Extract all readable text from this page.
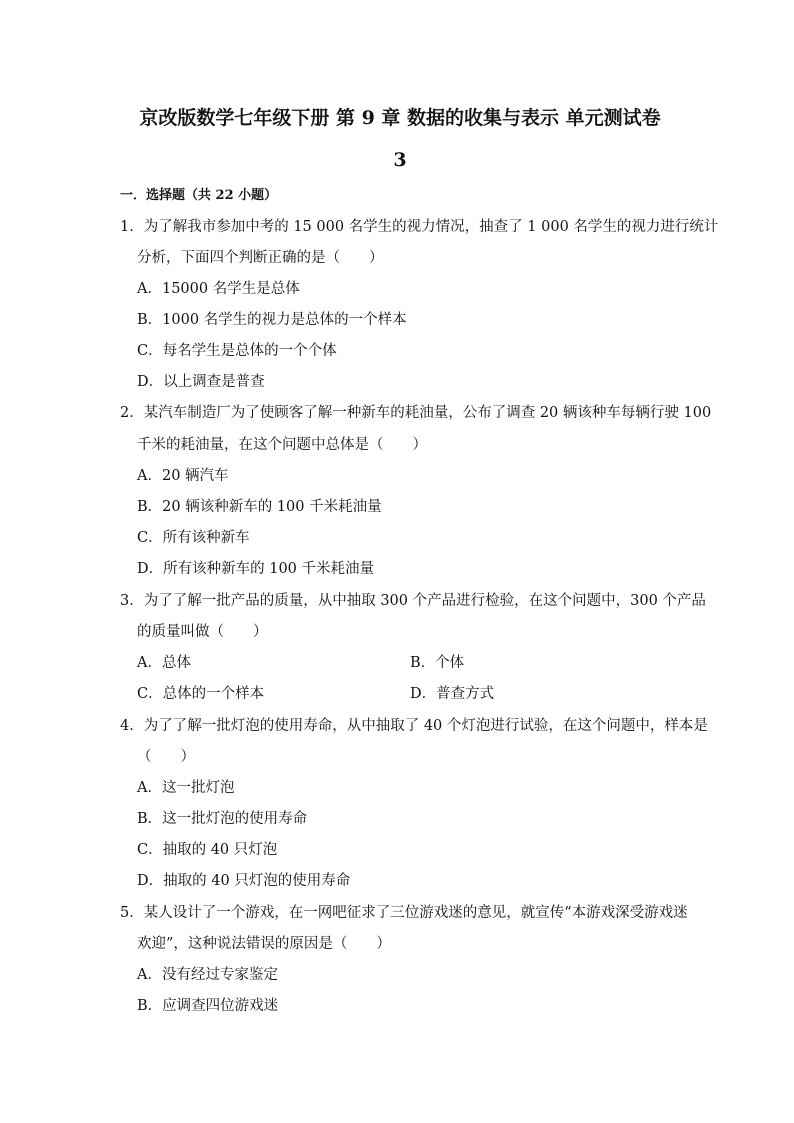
京改版数学七年级下册 第 9 章 数据的收集与表示 单元测试卷
3
一．选择题（共 22 小题）
1．为了解我市参加中考的 15 000 名学生的视力情况，抽查了 1 000 名学生的视力进行统计
分析，下面四个判断正确的是（　　）
A．15000 名学生是总体
B．1000 名学生的视力是总体的一个样本
C．每名学生是总体的一个个体
D．以上调查是普查
2．某汽车制造厂为了使顾客了解一种新车的耗油量，公布了调查 20 辆该种车每辆行驶 100
千米的耗油量，在这个问题中总体是（　　）
A．20 辆汽车
B．20 辆该种新车的 100 千米耗油量
C．所有该种新车
D．所有该种新车的 100 千米耗油量
3．为了了解一批产品的质量，从中抽取 300 个产品进行检验，在这个问题中，300 个产品
的质量叫做（　　）
A．总体	B．个体
C．总体的一个样本	D．普查方式
4．为了了解一批灯泡的使用寿命，从中抽取了 40 个灯泡进行试验，在这个问题中，样本是
（　　）
A．这一批灯泡
B．这一批灯泡的使用寿命
C．抽取的 40 只灯泡
D．抽取的 40 只灯泡的使用寿命
5．某人设计了一个游戏，在一网吧征求了三位游戏迷的意见，就宣传“本游戏深受游戏迷
欢迎”，这种说法错误的原因是（　　）
A．没有经过专家鉴定
B．应调查四位游戏迷
